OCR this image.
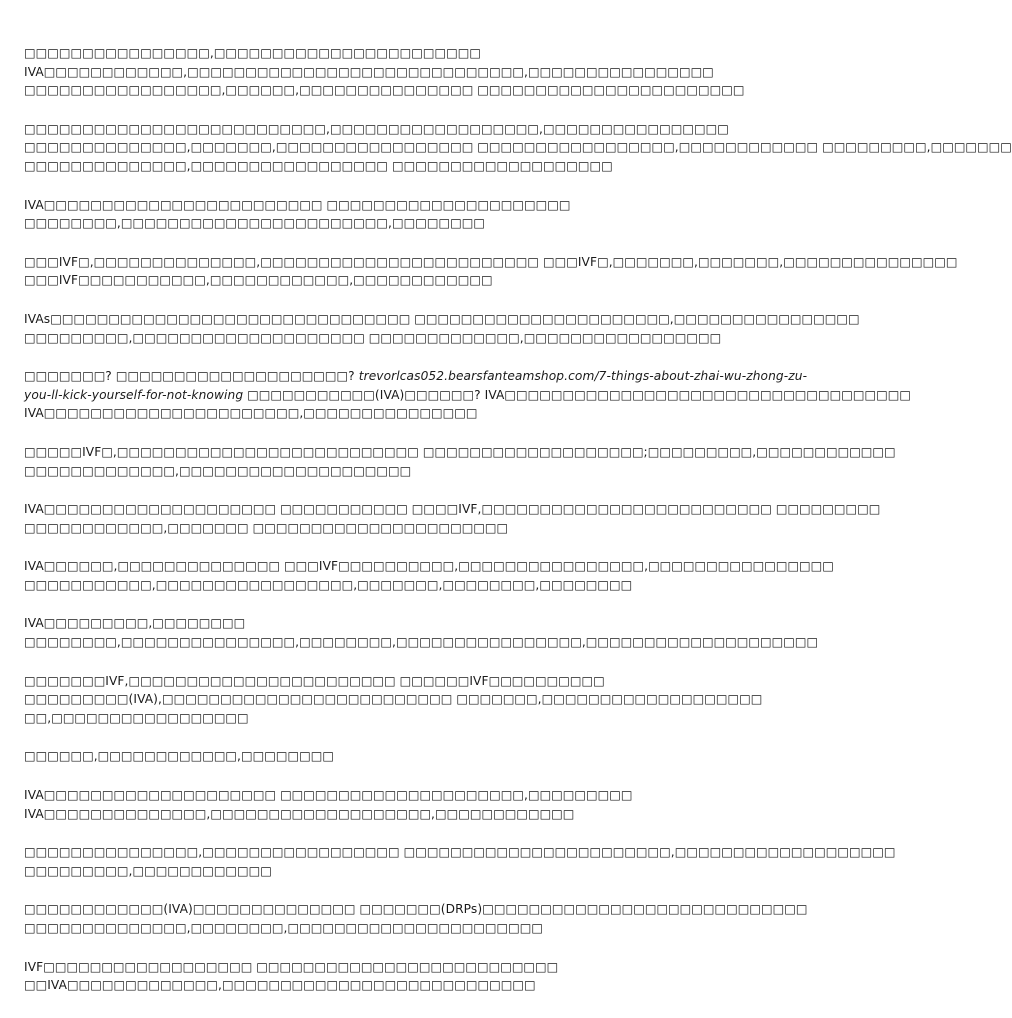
□□□□□□□□□□□□□□□□,□□□□□□□□□□□□□□□□□□□□□□□
IVA□□□□□□□□□□□□,□□□□□□□□□□□□□□□□□□□□□□□□□□□□□,□□□□□□□□□□□□□□□□
□□□□□□□□□□□□□□□□□,□□□□□□,□□□□□□□□□□□□□□□ □□□□□□□□□□□□□□□□□□□□□□□

□□□□□□□□□□□□□□□□□□□□□□□□□□,□□□□□□□□□□□□□□□□□□,□□□□□□□□□□□□□□□□
□□□□□□□□□□□□□□,□□□□□□□,□□□□□□□□□□□□□□□□□ □□□□□□□□□□□□□□□□□,□□□□□□□□□□□□ □□□□□□□□□,□□□□□□□
□□□□□□□□□□□□□□,□□□□□□□□□□□□□□□□□ □□□□□□□□□□□□□□□□□□□

IVA□□□□□□□□□□□□□□□□□□□□□□□□ □□□□□□□□□□□□□□□□□□□□□
□□□□□□□□,□□□□□□□□□□□□□□□□□□□□□□□,□□□□□□□□

□□□IVF□,□□□□□□□□□□□□□□,□□□□□□□□□□□□□□□□□□□□□□□□ □□□IVF□,□□□□□□□,□□□□□□□,□□□□□□□□□□□□□□□
□□□IVF□□□□□□□□□□□,□□□□□□□□□□□□,□□□□□□□□□□□□

IVAs□□□□□□□□□□□□□□□□□□□□□□□□□□□□□□□ □□□□□□□□□□□□□□□□□□□□□□,□□□□□□□□□□□□□□□□
□□□□□□□□□,□□□□□□□□□□□□□□□□□□□□ □□□□□□□□□□□□□,□□□□□□□□□□□□□□□□□

□□□□□□□? □□□□□□□□□□□□□□□□□□□□? trevorlcas052.bearsfanteamshop.com/7-things-about-zhai-wu-zhong-zu-
you-ll-kick-yourself-for-not-knowing □□□□□□□□□□□(IVA)□□□□□□? IVA□□□□□□□□□□□□□□□□□□□□□□□□□□□□□□□□□□□
IVA□□□□□□□□□□□□□□□□□□□□□□,□□□□□□□□□□□□□□□

□□□□□IVF□,□□□□□□□□□□□□□□□□□□□□□□□□□□ □□□□□□□□□□□□□□□□□□□;□□□□□□□□□,□□□□□□□□□□□□
□□□□□□□□□□□□□,□□□□□□□□□□□□□□□□□□□□

IVA□□□□□□□□□□□□□□□□□□□□ □□□□□□□□□□□ □□□□IVF,□□□□□□□□□□□□□□□□□□□□□□□□□ □□□□□□□□□
□□□□□□□□□□□□,□□□□□□□ □□□□□□□□□□□□□□□□□□□□□□

IVA□□□□□□,□□□□□□□□□□□□□□ □□□IVF□□□□□□□□□□,□□□□□□□□□□□□□□□□,□□□□□□□□□□□□□□□□
□□□□□□□□□□□,□□□□□□□□□□□□□□□□□,□□□□□□□,□□□□□□□□,□□□□□□□□

IVA□□□□□□□□□,□□□□□□□□
□□□□□□□□,□□□□□□□□□□□□□□□,□□□□□□□□,□□□□□□□□□□□□□□□□,□□□□□□□□□□□□□□□□□□□□

□□□□□□□IVF,□□□□□□□□□□□□□□□□□□□□□□□ □□□□□□IVF□□□□□□□□□□
□□□□□□□□□(IVA),□□□□□□□□□□□□□□□□□□□□□□□□□ □□□□□□□,□□□□□□□□□□□□□□□□□□□
□□,□□□□□□□□□□□□□□□□□

□□□□□□,□□□□□□□□□□□□,□□□□□□□□

IVA□□□□□□□□□□□□□□□□□□□□ □□□□□□□□□□□□□□□□□□□□□,□□□□□□□□□
IVA□□□□□□□□□□□□□□,□□□□□□□□□□□□□□□□□□□,□□□□□□□□□□□□

□□□□□□□□□□□□□□□,□□□□□□□□□□□□□□□□□ □□□□□□□□□□□□□□□□□□□□□□□,□□□□□□□□□□□□□□□□□□□
□□□□□□□□□,□□□□□□□□□□□□

□□□□□□□□□□□□(IVA)□□□□□□□□□□□□□□ □□□□□□□(DRPs)□□□□□□□□□□□□□□□□□□□□□□□□□□□□
□□□□□□□□□□□□□□,□□□□□□□□,□□□□□□□□□□□□□□□□□□□□□□

IVF□□□□□□□□□□□□□□□□□□ □□□□□□□□□□□□□□□□□□□□□□□□□□
□□IVA□□□□□□□□□□□□□,□□□□□□□□□□□□□□□□□□□□□□□□□□□
